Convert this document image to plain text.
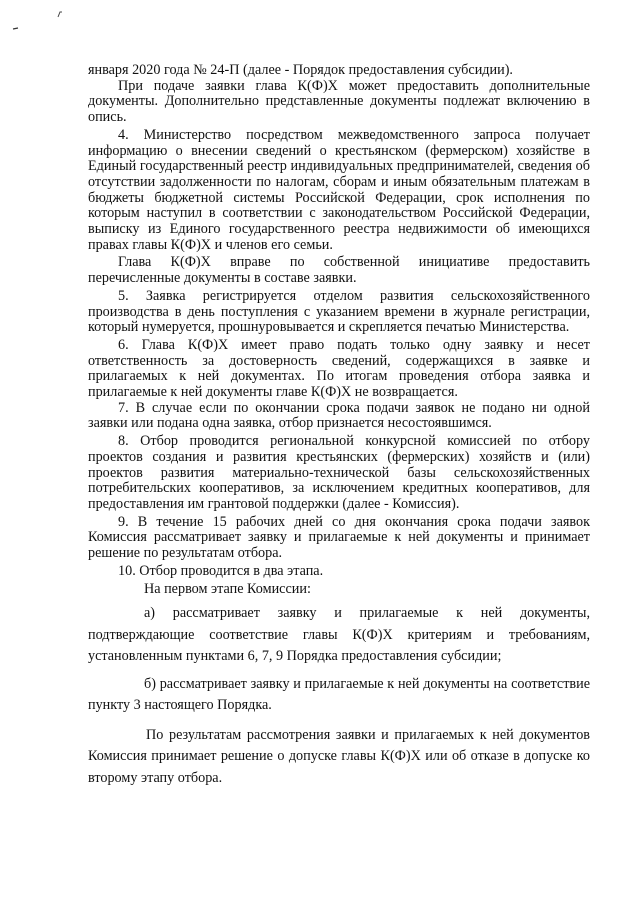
января 2020 года № 24-П (далее - Порядок предоставления субсидии).

При подаче заявки глава К(Ф)Х может предоставить дополнительные документы. Дополнительно представленные документы подлежат включению в опись.

4. Министерство посредством межведомственного запроса получает информацию о внесении сведений о крестьянском (фермерском) хозяйстве в Единый государственный реестр индивидуальных предпринимателей, сведения об отсутствии задолженности по налогам, сборам и иным обязательным платежам в бюджеты бюджетной системы Российской Федерации, срок исполнения по которым наступил в соответствии с законодательством Российской Федерации, выписку из Единого государственного реестра недвижимости об имеющихся правах главы К(Ф)Х и членов его семьи.

Глава К(Ф)Х вправе по собственной инициативе предоставить перечисленные документы в составе заявки.

5. Заявка регистрируется отделом развития сельскохозяйственного производства в день поступления с указанием времени в журнале регистрации, который нумеруется, прошнуровывается и скрепляется печатью Министерства.

6. Глава К(Ф)Х имеет право подать только одну заявку и несет ответственность за достоверность сведений, содержащихся в заявке и прилагаемых к ней документах. По итогам проведения отбора заявка и прилагаемые к ней документы главе К(Ф)Х не возвращается.

7. В случае если по окончании срока подачи заявок не подано ни одной заявки или подана одна заявка, отбор признается несостоявшимся.

8. Отбор проводится региональной конкурсной комиссией по отбору проектов создания и развития крестьянских (фермерских) хозяйств и (или) проектов развития материально-технической базы сельскохозяйственных потребительских кооперативов, за исключением кредитных кооперативов, для предоставления им грантовой поддержки (далее - Комиссия).

9. В течение 15 рабочих дней со дня окончания срока подачи заявок Комиссия рассматривает заявку и прилагаемые к ней документы и принимает решение по результатам отбора.

10. Отбор проводится в два этапа.

На первом этапе Комиссии:

а) рассматривает заявку и прилагаемые к ней документы, подтверждающие соответствие главы К(Ф)Х критериям и требованиям, установленным пунктами 6, 7, 9 Порядка предоставления субсидии;

б) рассматривает заявку и прилагаемые к ней документы на соответствие пункту 3 настоящего Порядка.

По результатам рассмотрения заявки и прилагаемых к ней документов Комиссия принимает решение о допуске главы К(Ф)Х или об отказе в допуске ко второму этапу отбора.
